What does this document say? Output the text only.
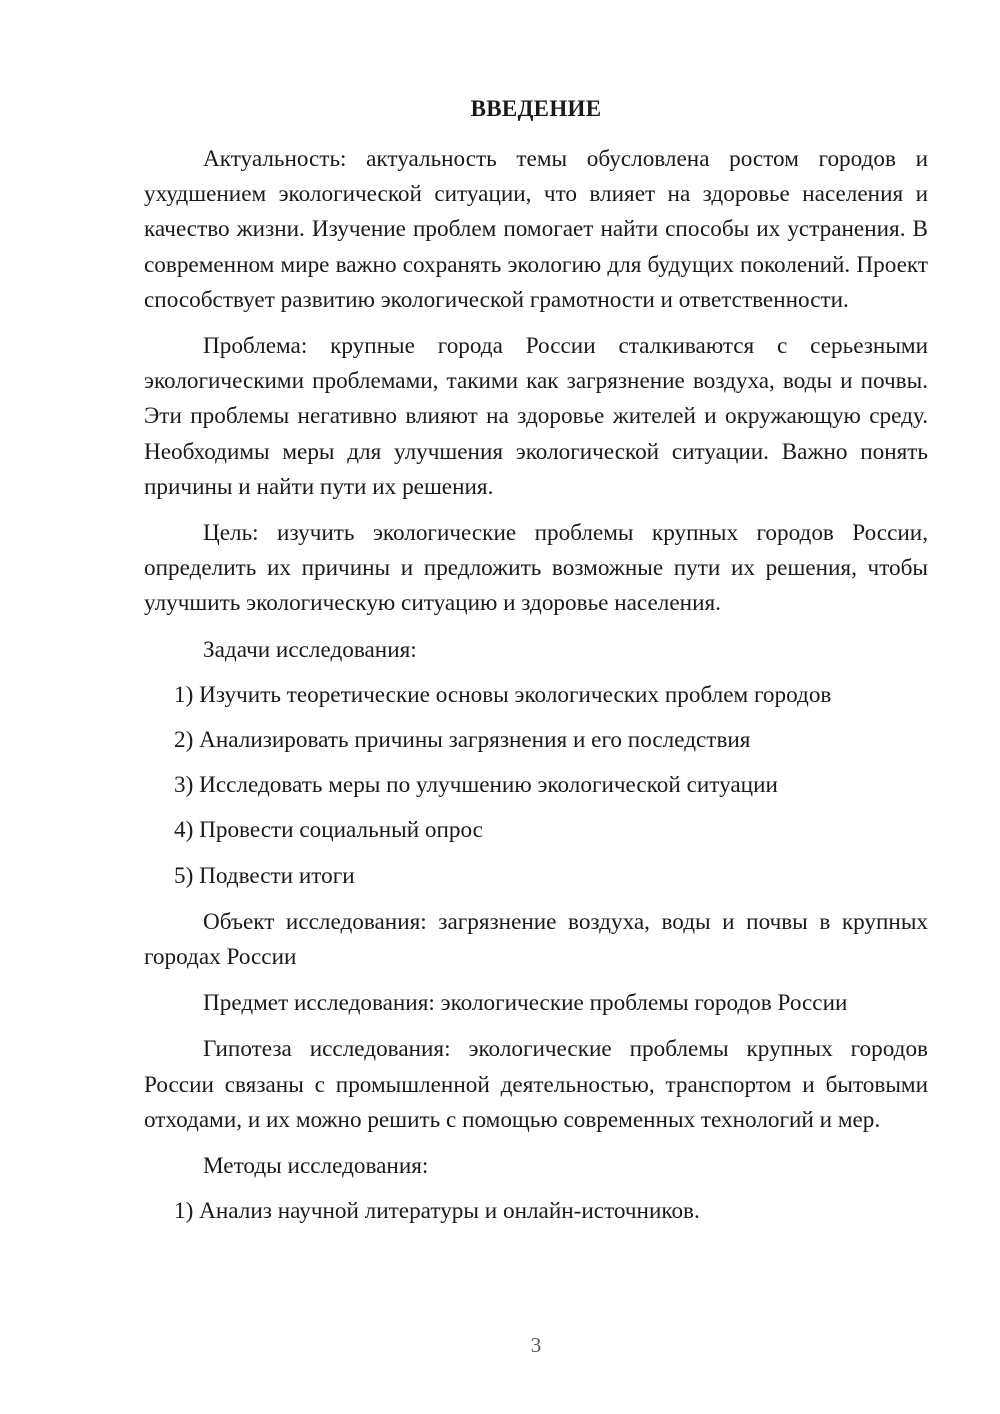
ВВЕДЕНИЕ

Актуальность: актуальность темы обусловлена ростом городов и ухудшением экологической ситуации, что влияет на здоровье населения и качество жизни. Изучение проблем помогает найти способы их устранения. В современном мире важно сохранять экологию для будущих поколений. Проект способствует развитию экологической грамотности и ответственности.

Проблема: крупные города России сталкиваются с серьезными экологическими проблемами, такими как загрязнение воздуха, воды и почвы. Эти проблемы негативно влияют на здоровье жителей и окружающую среду. Необходимы меры для улучшения экологической ситуации. Важно понять причины и найти пути их решения.

Цель: изучить экологические проблемы крупных городов России, определить их причины и предложить возможные пути их решения, чтобы улучшить экологическую ситуацию и здоровье населения.

Задачи исследования:

1) Изучить теоретические основы экологических проблем городов

2) Анализировать причины загрязнения и его последствия

3) Исследовать меры по улучшению экологической ситуации

4) Провести социальный опрос

5) Подвести итоги

Объект исследования: загрязнение воздуха, воды и почвы в крупных городах России

Предмет исследования: экологические проблемы городов России

Гипотеза исследования: экологические проблемы крупных городов России связаны с промышленной деятельностью, транспортом и бытовыми отходами, и их можно решить с помощью современных технологий и мер.

Методы исследования:

1) Анализ научной литературы и онлайн-источников.

3
